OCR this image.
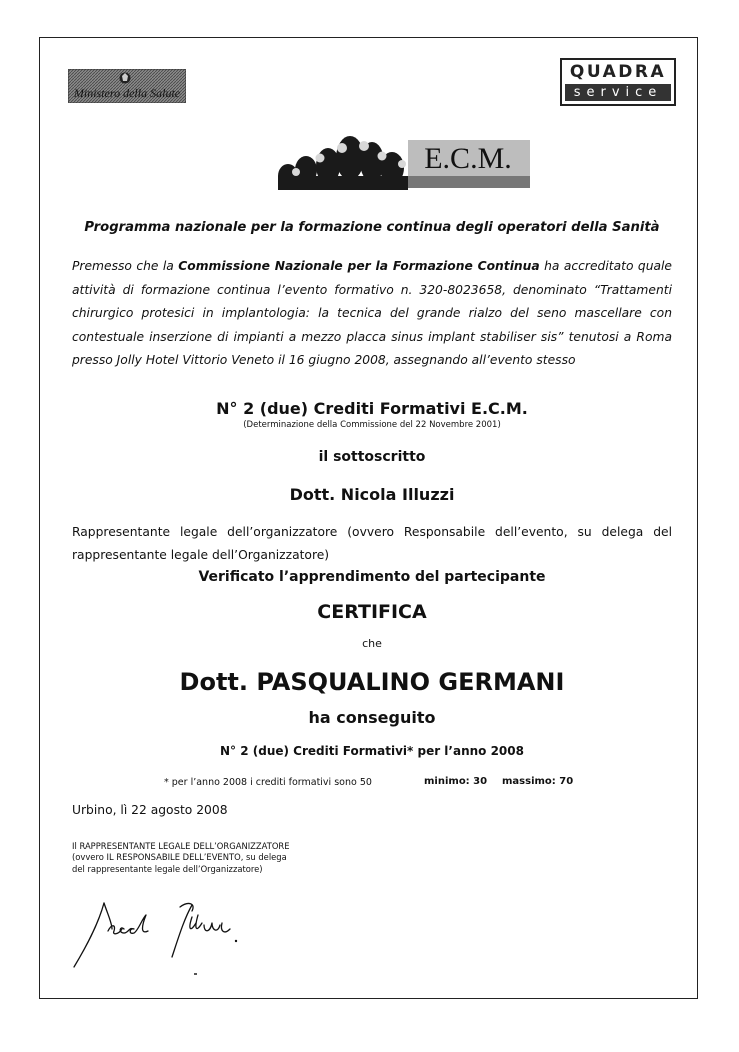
Ministero della Salute
QUADRA
service
E.C.M.
Programma nazionale per la formazione continua degli operatori della Sanità
Premesso che la Commissione Nazionale per la Formazione Continua ha accreditato quale attività di formazione continua l’evento formativo n. 320-8023658, denominato “Trattamenti chirurgico protesici in implantologia: la tecnica del grande rialzo del seno mascellare con contestuale inserzione di impianti a mezzo placca sinus implant stabiliser sis” tenutosi a Roma presso Jolly Hotel Vittorio Veneto il 16 giugno 2008, assegnando all’evento stesso
N° 2 (due) Crediti Formativi E.C.M.
(Determinazione della Commissione del 22 Novembre 2001)
il sottoscritto
Dott. Nicola Illuzzi
Rappresentante legale dell’organizzatore (ovvero Responsabile dell’evento, su delega del rappresentante legale dell’Organizzatore)
Verificato l’apprendimento del partecipante
CERTIFICA
che
Dott. PASQUALINO GERMANI
ha conseguito
N° 2 (due) Crediti Formativi* per l’anno 2008
* per l’anno 2008 i crediti formativi sono 50	minimo: 30 massimo: 70
Urbino, lì 22 agosto 2008
Il RAPPRESENTANTE LEGALE DELL’ORGANIZZATORE
(ovvero IL RESPONSABILE DELL’EVENTO, su delega
del rappresentante legale dell’Organizzatore)
